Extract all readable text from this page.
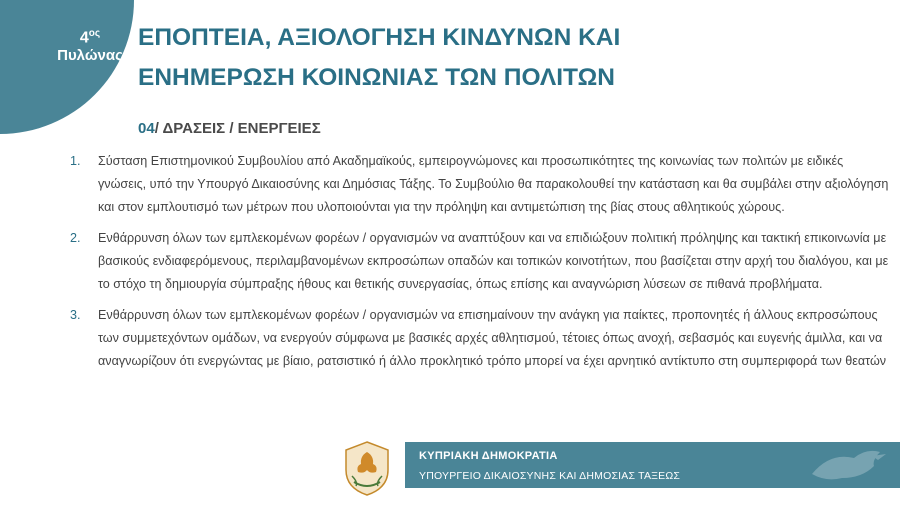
$4^{o\varsigma}$
Πυλώνας
ΕΠΟΠΤΕΙΑ, ΑΞΙΟΛΟΓΗΣΗ ΚΙΝΔΥΝΩΝ ΚΑΙ
ΕΝΗΜΕΡΩΣΗ ΚΟΙΝΩΝΙΑΣ ΤΩΝ ΠΟΛΙΤΩΝ
04/ ΔΡΑΣΕΙΣ / ΕΝΕΡΓΕΙΕΣ
1. Σύσταση Επιστημονικού Συμβουλίου από Ακαδημαϊκούς, εμπειρογνώμονες και προσωπικότητες της κοινωνίας των πολιτών με ειδικές γνώσεις, υπό την Υπουργό Δικαιοσύνης και Δημόσιας Τάξης. Το Συμβούλιο θα παρακολουθεί την κατάσταση και θα συμβάλει στην αξιολόγηση και στον εμπλουτισμό των μέτρων που υλοποιούνται για την πρόληψη και αντιμετώπιση της βίας στους αθλητικούς χώρους.
2. Ενθάρρυνση όλων των εμπλεκομένων φορέων / οργανισμών να αναπτύξουν και να επιδιώξουν πολιτική πρόληψης και τακτική επικοινωνία με βασικούς ενδιαφερόμενους, περιλαμβανομένων εκπροσώπων οπαδών και τοπικών κοινοτήτων, που βασίζεται στην αρχή του διαλόγου, και με το στόχο τη δημιουργία σύμπραξης ήθους και θετικής συνεργασίας, όπως επίσης και αναγνώριση λύσεων σε πιθανά προβλήματα.
3. Ενθάρρυνση όλων των εμπλεκομένων φορέων / οργανισμών να επισημαίνουν την ανάγκη για παίκτες, προπονητές ή άλλους εκπροσώπους των συμμετεχόντων ομάδων, να ενεργούν σύμφωνα με βασικές αρχές αθλητισμού, τέτοιες όπως ανοχή, σεβασμός και ευγενής άμιλλα, και να αναγνωρίζουν ότι ενεργώντας με βίαιο, ρατσιστικό ή άλλο προκλητικό τρόπο μπορεί να έχει αρνητικό αντίκτυπο στη συμπεριφορά των θεατών
ΚΥΠΡΙΑΚΗ ΔΗΜΟΚΡΑΤΙΑ
ΥΠΟΥΡΓΕΙΟ ΔΙΚΑΙΟΣΥΝΗΣ ΚΑΙ ΔΗΜΟΣΙΑΣ ΤΑΞΕΩΣ
